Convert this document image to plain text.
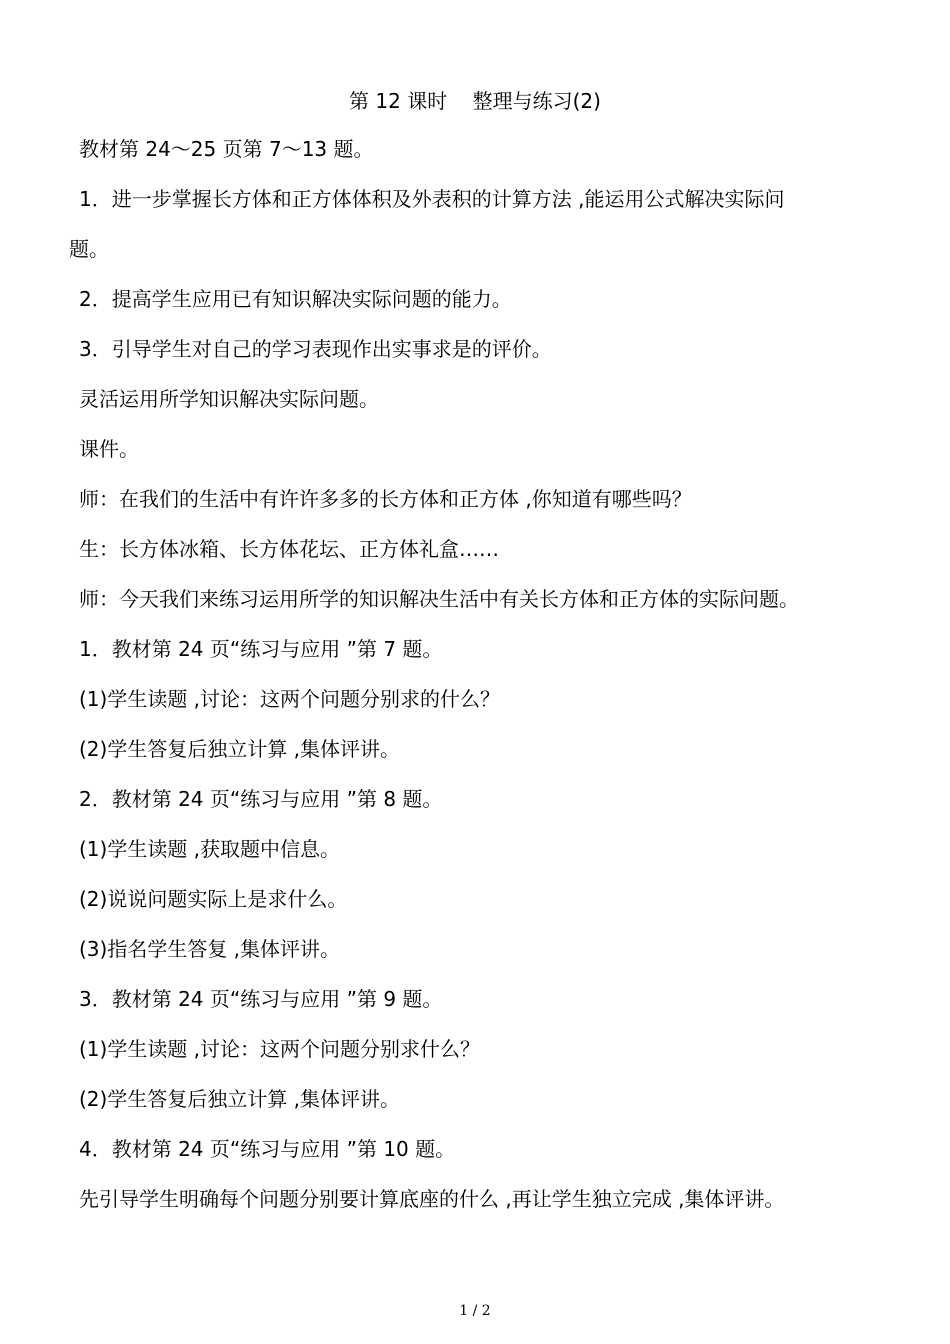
第 12 课时    整理与练习(2)
教材第 24～25 页第 7～13 题。
1．进一步掌握长方体和正方体体积及外表积的计算方法 ,能运用公式解决实际问
题。
2．提高学生应用已有知识解决实际问题的能力。
3．引导学生对自己的学习表现作出实事求是的评价。
灵活运用所学知识解决实际问题。
课件。
师：在我们的生活中有许许多多的长方体和正方体 ,你知道有哪些吗？
生：长方体冰箱、长方体花坛、正方体礼盒……
师：今天我们来练习运用所学的知识解决生活中有关长方体和正方体的实际问题。
1．教材第 24 页“练习与应用 ”第 7 题。
(1)学生读题 ,讨论：这两个问题分别求的什么？
(2)学生答复后独立计算 ,集体评讲。
2．教材第 24 页“练习与应用 ”第 8 题。
(1)学生读题 ,获取题中信息。
(2)说说问题实际上是求什么。
(3)指名学生答复 ,集体评讲。
3．教材第 24 页“练习与应用 ”第 9 题。
(1)学生读题 ,讨论：这两个问题分别求什么？
(2)学生答复后独立计算 ,集体评讲。
4．教材第 24 页“练习与应用 ”第 10 题。
先引导学生明确每个问题分别要计算底座的什么 ,再让学生独立完成 ,集体评讲。
1 / 2
